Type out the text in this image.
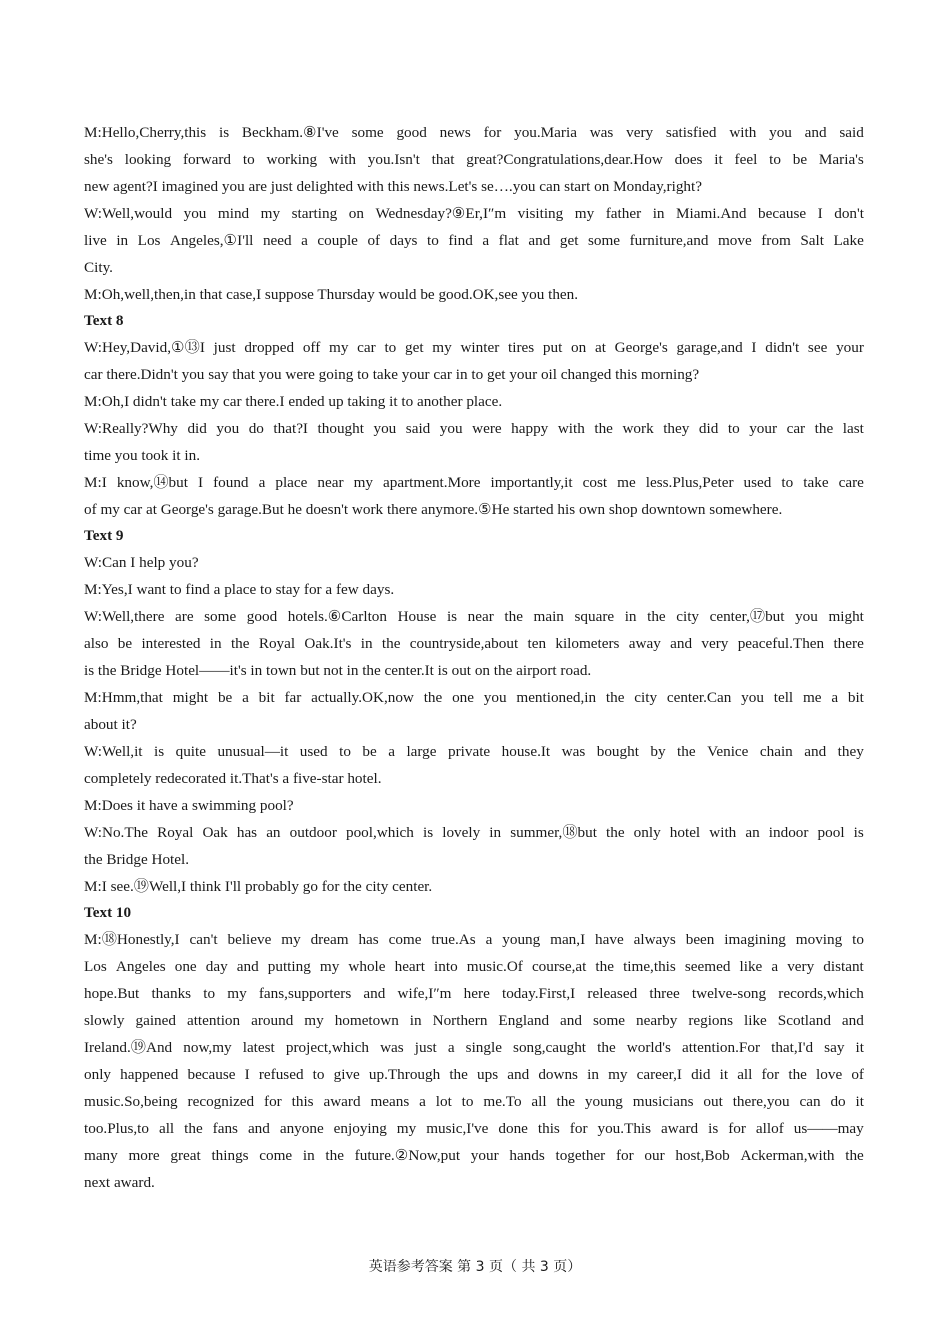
M:Hello,Cherry,this is Beckham.⑧I've some good news for you.Maria was very satisfied with you and said
she's looking forward to working with you.Isn't that great?Congratulations,dear.How does it feel to be Maria's
new agent?I imagined you are just delighted with this news.Let's se….you can start on Monday,right?
W:Well,would you mind my starting on Wednesday?⑨Er,I″m visiting my father in Miami.And because I don't
live in Los Angeles,①I'll need a couple of days to find a flat and get some furniture,and move from Salt Lake
City.
M:Oh,well,then,in that case,I suppose Thursday would be good.OK,see you then.
Text 8
W:Hey,David,①⑬I just dropped off my car to get my winter tires put on at George's garage,and I didn't see your
car there.Didn't you say that you were going to take your car in to get your oil changed this morning?
M:Oh,I didn't take my car there.I ended up taking it to another place.
W:Really?Why did you do that?I thought you said you were happy with the work they did to your car the last
time you took it in.
M:I know,⑭but I found a place near my apartment.More importantly,it cost me less.Plus,Peter used to take care
of my car at George's garage.But he doesn't work there anymore.⑤He started his own shop downtown somewhere.
Text 9
W:Can I help you?
M:Yes,I want to find a place to stay for a few days.
W:Well,there are some good hotels.⑥Carlton House is near the main square in the city center,⑰but you might
also be interested in the Royal Oak.It's in the countryside,about ten kilometers away and very peaceful.Then there
is the Bridge Hotel——it's in town but not in the center.It is out on the airport road.
M:Hmm,that might be a bit far actually.OK,now the one you mentioned,in the city center.Can you tell me a bit
about it?
W:Well,it is quite unusual—it used to be a large private house.It was bought by the Venice chain and they
completely redecorated it.That's a five-star hotel.
M:Does it have a swimming pool?
W:No.The Royal Oak has an outdoor pool,which is lovely in summer,⑱but the only hotel with an indoor pool is
the Bridge Hotel.
M:I see.⑲Well,I think I'll probably go for the city center.
Text 10
M:⑱Honestly,I can't believe my dream has come true.As a young man,I have always been imagining moving to
Los Angeles one day and putting my whole heart into music.Of course,at the time,this seemed like a very distant
hope.But thanks to my fans,supporters and wife,I″m here today.First,I released three twelve-song records,which
slowly gained attention around my hometown in Northern England and some nearby regions like Scotland and
Ireland.⑲And now,my latest project,which was just a single song,caught the world's attention.For that,I'd say it
only happened because I refused to give up.Through the ups and downs in my career,I did it all for the love of
music.So,being recognized for this award means a lot to me.To all the young musicians out there,you can do it
too.Plus,to all the fans and anyone enjoying my music,I've done this for you.This award is for allof us——may
many more great things come in the future.②Now,put your hands together for our host,Bob Ackerman,with the
next award.
英语参考答案 第 3 页（ 共 3 页）
